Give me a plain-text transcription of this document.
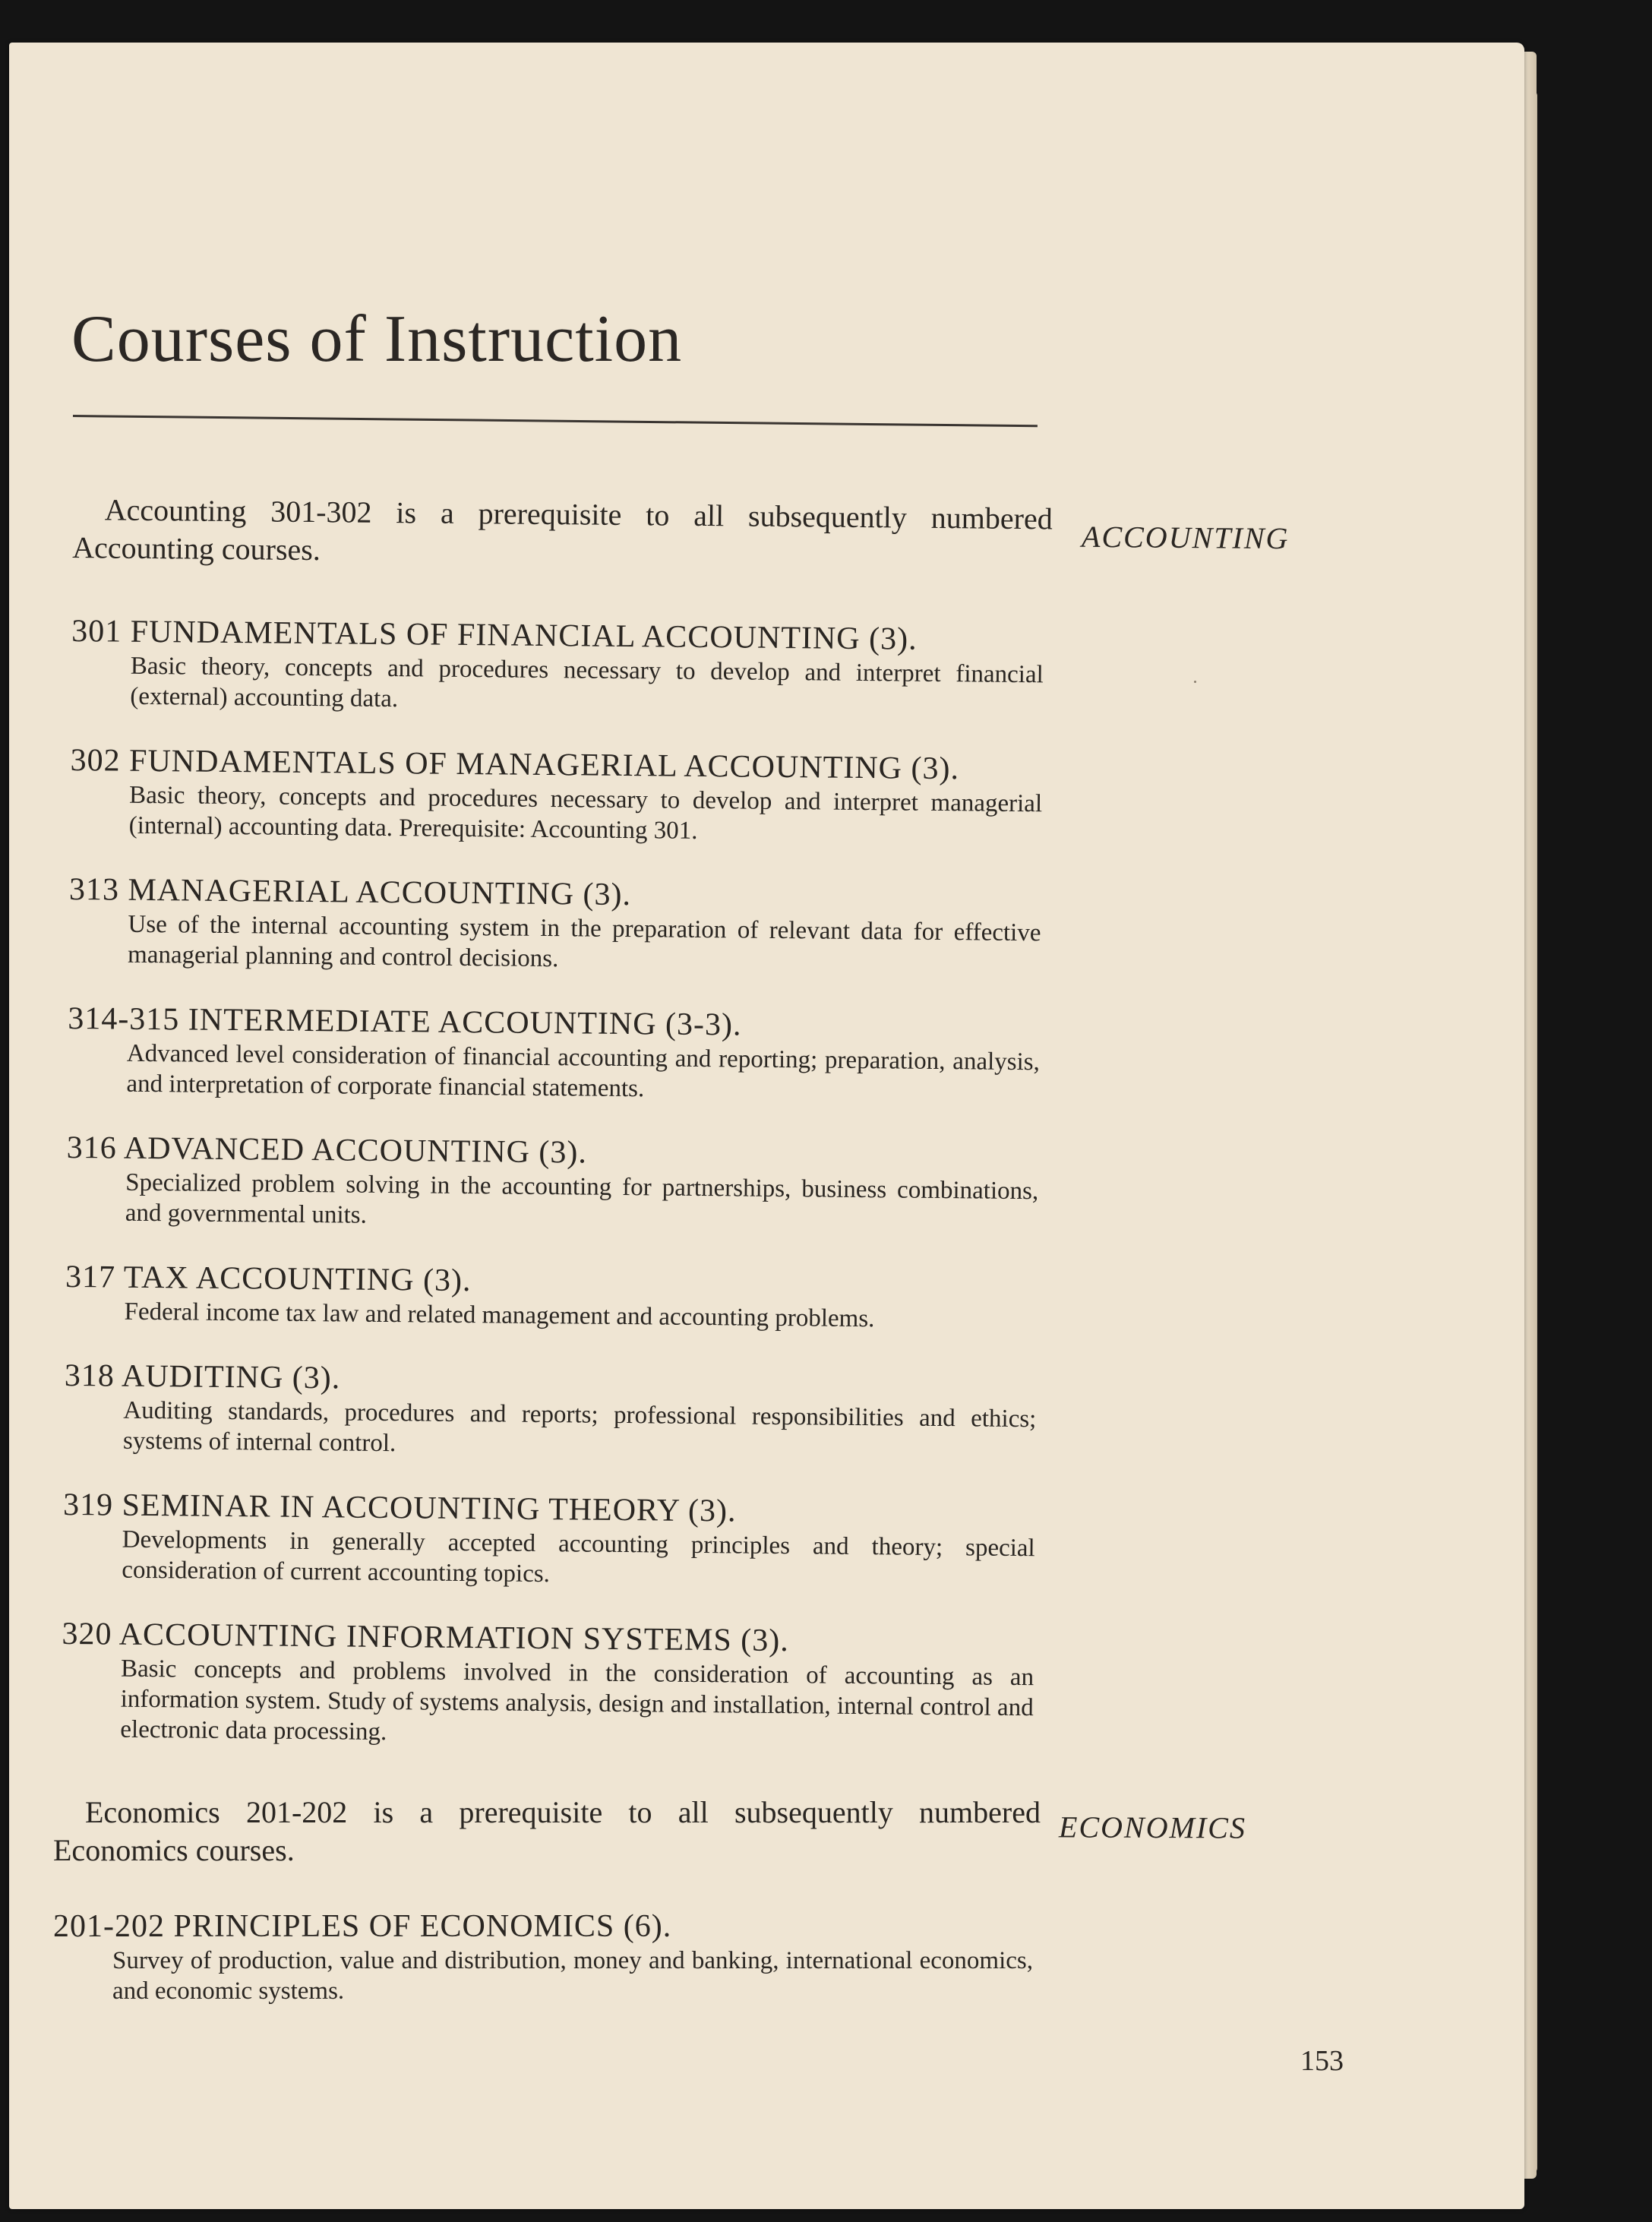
Courses of Instruction
ACCOUNTING
ECONOMICS
Accounting 301-302 is a prerequisite to all subsequently numbered
Accounting courses.
301 FUNDAMENTALS OF FINANCIAL ACCOUNTING (3).
Basic theory, concepts and procedures necessary to develop and interpret financial (external) accounting data.
302 FUNDAMENTALS OF MANAGERIAL ACCOUNTING (3).
Basic theory, concepts and procedures necessary to develop and interpret managerial (internal) accounting data. Prerequisite: Accounting 301.
313 MANAGERIAL ACCOUNTING (3).
Use of the internal accounting system in the preparation of relevant data for effective managerial planning and control decisions.
314-315 INTERMEDIATE ACCOUNTING (3-3).
Advanced level consideration of financial accounting and reporting; preparation, analysis, and interpretation of corporate financial statements.
316 ADVANCED ACCOUNTING (3).
Specialized problem solving in the accounting for partnerships, business combinations, and governmental units.
317 TAX ACCOUNTING (3).
Federal income tax law and related management and accounting problems.
318 AUDITING (3).
Auditing standards, procedures and reports; professional responsibilities and ethics; systems of internal control.
319 SEMINAR IN ACCOUNTING THEORY (3).
Developments in generally accepted accounting principles and theory; special consideration of current accounting topics.
320 ACCOUNTING INFORMATION SYSTEMS (3).
Basic concepts and problems involved in the consideration of accounting as an information system. Study of systems analysis, design and installation, internal control and electronic data processing.
Economics 201-202 is a prerequisite to all subsequently numbered
Economics courses.
201-202 PRINCIPLES OF ECONOMICS (6).
Survey of production, value and distribution, money and banking, international economics, and economic systems.
153
